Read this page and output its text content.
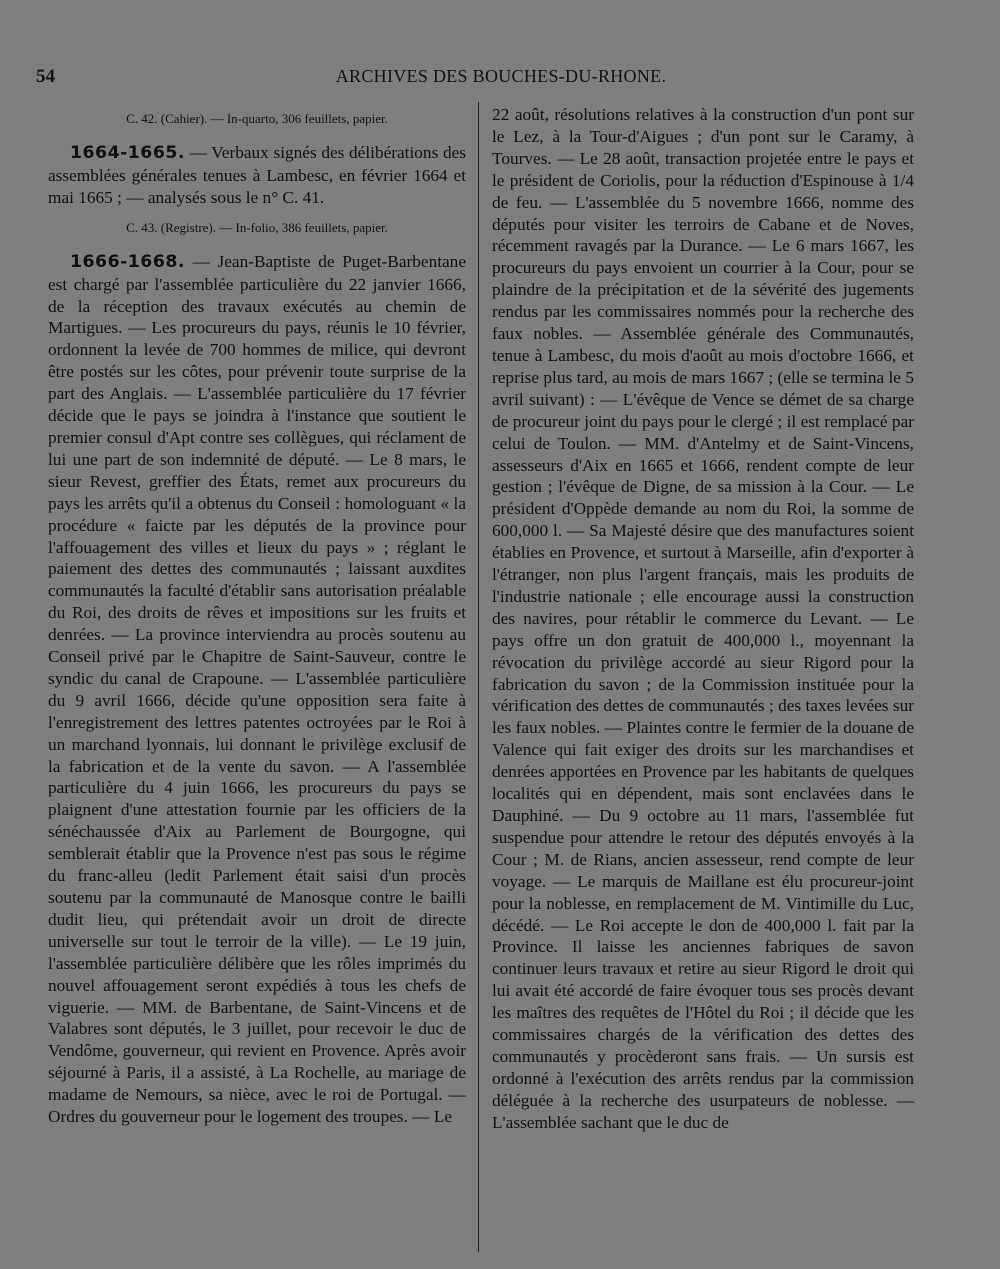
54	ARCHIVES DES BOUCHES-DU-RHONE.
C. 42. (Cahier). — In-quarto, 306 feuillets, papier.

1664-1665. — Verbaux signés des délibérations des assemblées générales tenues à Lambesc, en février 1664 et mai 1665 ; — analysés sous le n° C. 41.

C. 43. (Registre). — In-folio, 386 feuillets, papier.

1666-1668. — Jean-Baptiste de Puget-Barbentane est chargé par l'assemblée particulière du 22 janvier 1666, de la réception des travaux exécutés au chemin de Martigues. — Les procureurs du pays, réunis le 10 février, ordonnent la levée de 700 hommes de milice, qui devront être postés sur les côtes, pour prévenir toute surprise de la part des Anglais. — L'assemblée particulière du 17 février décide que le pays se joindra à l'instance que soutient le premier consul d'Apt contre ses collègues, qui réclament de lui une part de son indemnité de député. — Le 8 mars, le sieur Revest, greffier des États, remet aux procureurs du pays les arrêts qu'il a obtenus du Conseil : homologuant « la procédure « faicte par les députés de la province pour l'affouagement des villes et lieux du pays » ; réglant le paiement des dettes des communautés ; laissant auxdites communautés la faculté d'établir sans autorisation préalable du Roi, des droits de rêves et impositions sur les fruits et denrées. — La province interviendra au procès soutenu au Conseil privé par le Chapitre de Saint-Sauveur, contre le syndic du canal de Crapoune. — L'assemblée particulière du 9 avril 1666, décide qu'une opposition sera faite à l'enregistrement des lettres patentes octroyées par le Roi à un marchand lyonnais, lui donnant le privilège exclusif de la fabrication et de la vente du savon. — A l'assemblée particulière du 4 juin 1666, les procureurs du pays se plaignent d'une attestation fournie par les officiers de la sénéchaussée d'Aix au Parlement de Bourgogne, qui semblerait établir que la Provence n'est pas sous le régime du franc-alleu (ledit Parlement était saisi d'un procès soutenu par la communauté de Manosque contre le bailli dudit lieu, qui prétendait avoir un droit de directe universelle sur tout le terroir de la ville). — Le 19 juin, l'assemblée particulière délibère que les rôles imprimés du nouvel affouagement seront expédiés à tous les chefs de viguerie. — MM. de Barbentane, de Saint-Vincens et de Valabres sont députés, le 3 juillet, pour recevoir le duc de Vendôme, gouverneur, qui revient en Provence. Après avoir séjourné à Paris, il a assisté, à La Rochelle, au mariage de madame de Nemours, sa nièce, avec le roi de Portugal. — Ordres du gouverneur pour le logement des troupes. — Le

22 août, résolutions relatives à la construction d'un pont sur le Lez, à la Tour-d'Aigues ; d'un pont sur le Caramy, à Tourves. — Le 28 août, transaction projetée entre le pays et le président de Coriolis, pour la réduction d'Espinouse à 1/4 de feu. — L'assemblée du 5 novembre 1666, nomme des députés pour visiter les terroirs de Cabane et de Noves, récemment ravagés par la Durance. — Le 6 mars 1667, les procureurs du pays envoient un courrier à la Cour, pour se plaindre de la précipitation et de la sévérité des jugements rendus par les commissaires nommés pour la recherche des faux nobles. — Assemblée générale des Communautés, tenue à Lambesc, du mois d'août au mois d'octobre 1666, et reprise plus tard, au mois de mars 1667 ; (elle se termina le 5 avril suivant) : — L'évêque de Vence se démet de sa charge de procureur joint du pays pour le clergé ; il est remplacé par celui de Toulon. — MM. d'Antelmy et de Saint-Vincens, assesseurs d'Aix en 1665 et 1666, rendent compte de leur gestion ; l'évêque de Digne, de sa mission à la Cour. — Le président d'Oppède demande au nom du Roi, la somme de 600,000 l. — Sa Majesté désire que des manufactures soient établies en Provence, et surtout à Marseille, afin d'exporter à l'étranger, non plus l'argent français, mais les produits de l'industrie nationale ; elle encourage aussi la construction des navires, pour rétablir le commerce du Levant. — Le pays offre un don gratuit de 400,000 l., moyennant la révocation du privilège accordé au sieur Rigord pour la fabrication du savon ; de la Commission instituée pour la vérification des dettes de communautés ; des taxes levées sur les faux nobles. — Plaintes contre le fermier de la douane de Valence qui fait exiger des droits sur les marchandises et denrées apportées en Provence par les habitants de quelques localités qui en dépendent, mais sont enclavées dans le Dauphiné. — Du 9 octobre au 11 mars, l'assemblée fut suspendue pour attendre le retour des députés envoyés à la Cour ; M. de Rians, ancien assesseur, rend compte de leur voyage. — Le marquis de Maillane est élu procureur-joint pour la noblesse, en remplacement de M. Vintimille du Luc, décédé. — Le Roi accepte le don de 400,000 l. fait par la Province. Il laisse les anciennes fabriques de savon continuer leurs travaux et retire au sieur Rigord le droit qui lui avait été accordé de faire évoquer tous ses procès devant les maîtres des requêtes de l'Hôtel du Roi ; il décide que les commissaires chargés de la vérification des dettes des communautés y procèderont sans frais. — Un sursis est ordonné à l'exécution des arrêts rendus par la commission déléguée à la recherche des usurpateurs de noblesse. — L'assemblée sachant que le duc de
